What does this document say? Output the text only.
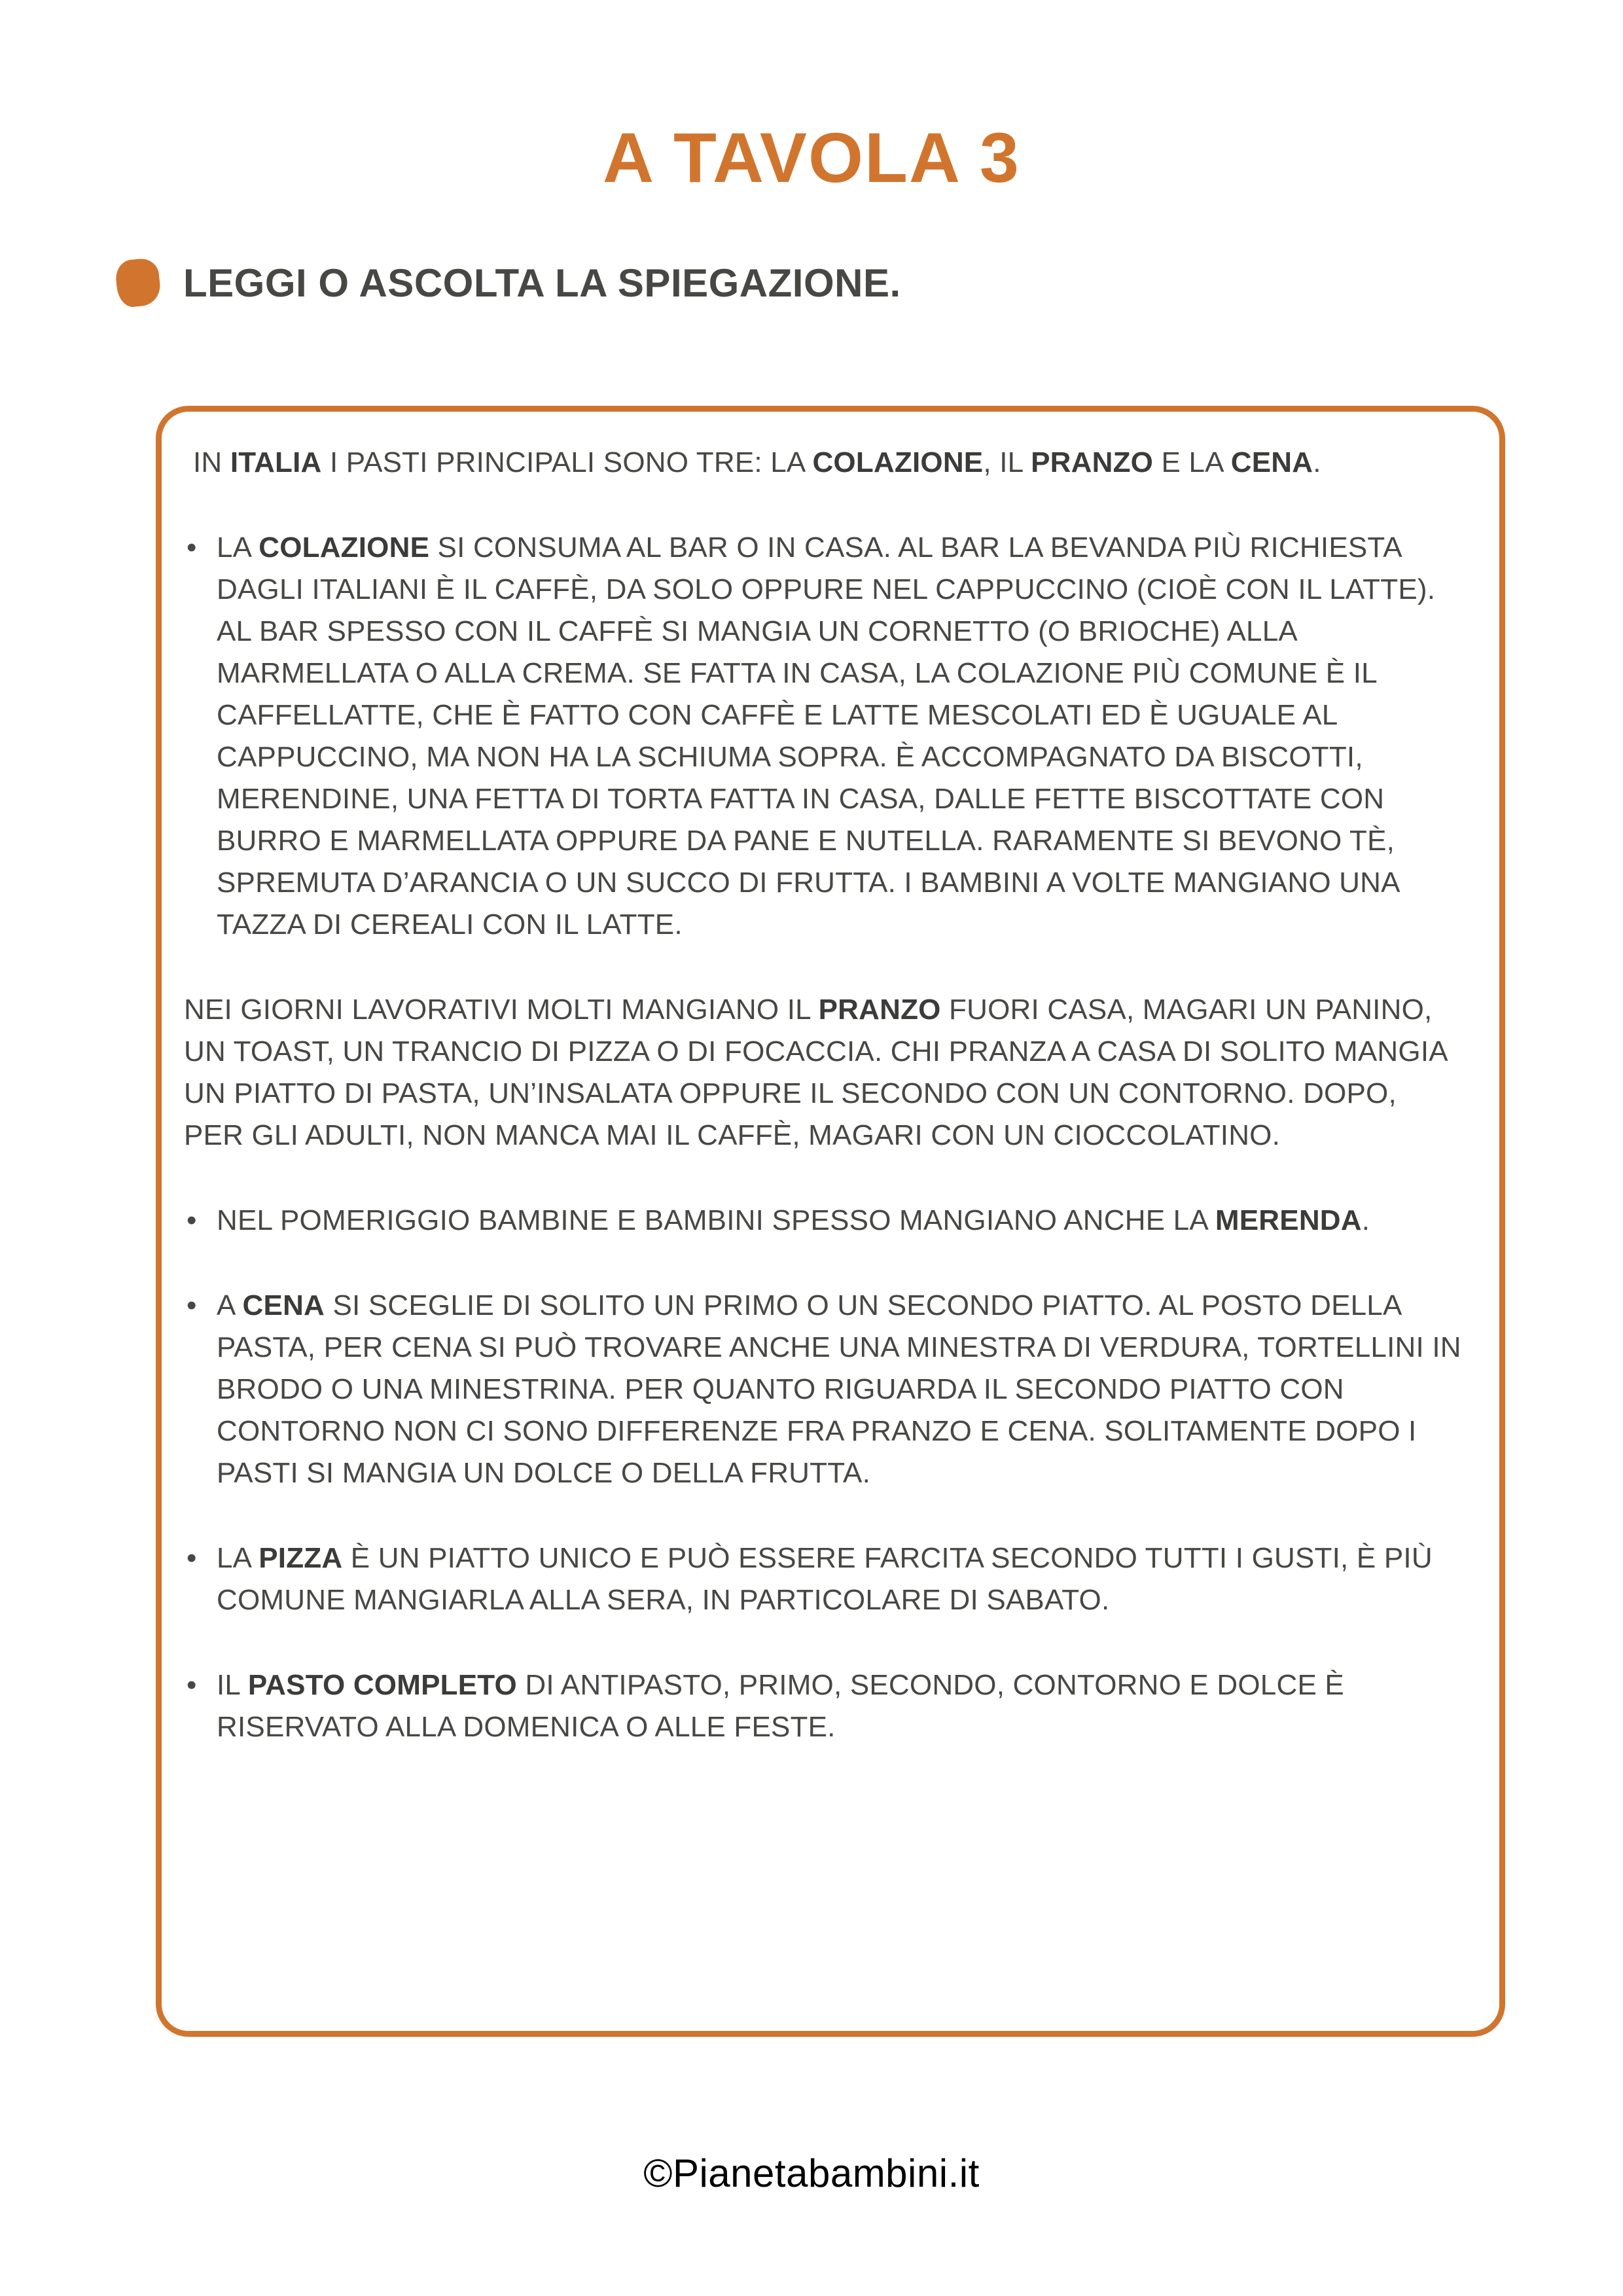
A TAVOLA 3
LEGGI O ASCOLTA LA SPIEGAZIONE.
IN ITALIA I PASTI PRINCIPALI SONO TRE: LA COLAZIONE, IL PRANZO E LA CENA.
• LA COLAZIONE SI CONSUMA AL BAR O IN CASA. AL BAR LA BEVANDA PIÙ RICHIESTA DAGLI ITALIANI È IL CAFFÈ, DA SOLO OPPURE NEL CAPPUCCINO (CIOÈ CON IL LATTE). AL BAR SPESSO CON IL CAFFÈ SI MANGIA UN CORNETTO (O BRIOCHE) ALLA MARMELLATA O ALLA CREMA. SE FATTA IN CASA, LA COLAZIONE PIÙ COMUNE È IL CAFFELLATTE, CHE È FATTO CON CAFFÈ E LATTE MESCOLATI ED È UGUALE AL CAPPUCCINO, MA NON HA LA SCHIUMA SOPRA. È ACCOMPAGNATO DA BISCOTTI, MERENDINE, UNA FETTA DI TORTA FATTA IN CASA, DALLE FETTE BISCOTTATE CON BURRO E MARMELLATA OPPURE DA PANE E NUTELLA. RARAMENTE SI BEVONO TÈ, SPREMUTA D’ARANCIA O UN SUCCO DI FRUTTA. I BAMBINI A VOLTE MANGIANO UNA TAZZA DI CEREALI CON IL LATTE.
NEI GIORNI LAVORATIVI MOLTI MANGIANO IL PRANZO FUORI CASA, MAGARI UN PANINO, UN TOAST, UN TRANCIO DI PIZZA O DI FOCACCIA. CHI PRANZA A CASA DI SOLITO MANGIA UN PIATTO DI PASTA, UN’INSALATA OPPURE IL SECONDO CON UN CONTORNO. DOPO, PER GLI ADULTI, NON MANCA MAI IL CAFFÈ, MAGARI CON UN CIOCCOLATINO.
• NEL POMERIGGIO BAMBINE E BAMBINI SPESSO MANGIANO ANCHE LA MERENDA.
• A CENA SI SCEGLIE DI SOLITO UN PRIMO O UN SECONDO PIATTO. AL POSTO DELLA PASTA, PER CENA SI PUÒ TROVARE ANCHE UNA MINESTRA DI VERDURA, TORTELLINI IN BRODO O UNA MINESTRINA. PER QUANTO RIGUARDA IL SECONDO PIATTO CON CONTORNO NON CI SONO DIFFERENZE FRA PRANZO E CENA. SOLITAMENTE DOPO I PASTI SI MANGIA UN DOLCE O DELLA FRUTTA.
• LA PIZZA È UN PIATTO UNICO E PUÒ ESSERE FARCITA SECONDO TUTTI I GUSTI, È PIÙ COMUNE MANGIARLA ALLA SERA, IN PARTICOLARE DI SABATO.
• IL PASTO COMPLETO DI ANTIPASTO, PRIMO, SECONDO, CONTORNO E DOLCE È RISERVATO ALLA DOMENICA O ALLE FESTE.
©Pianetabambini.it
